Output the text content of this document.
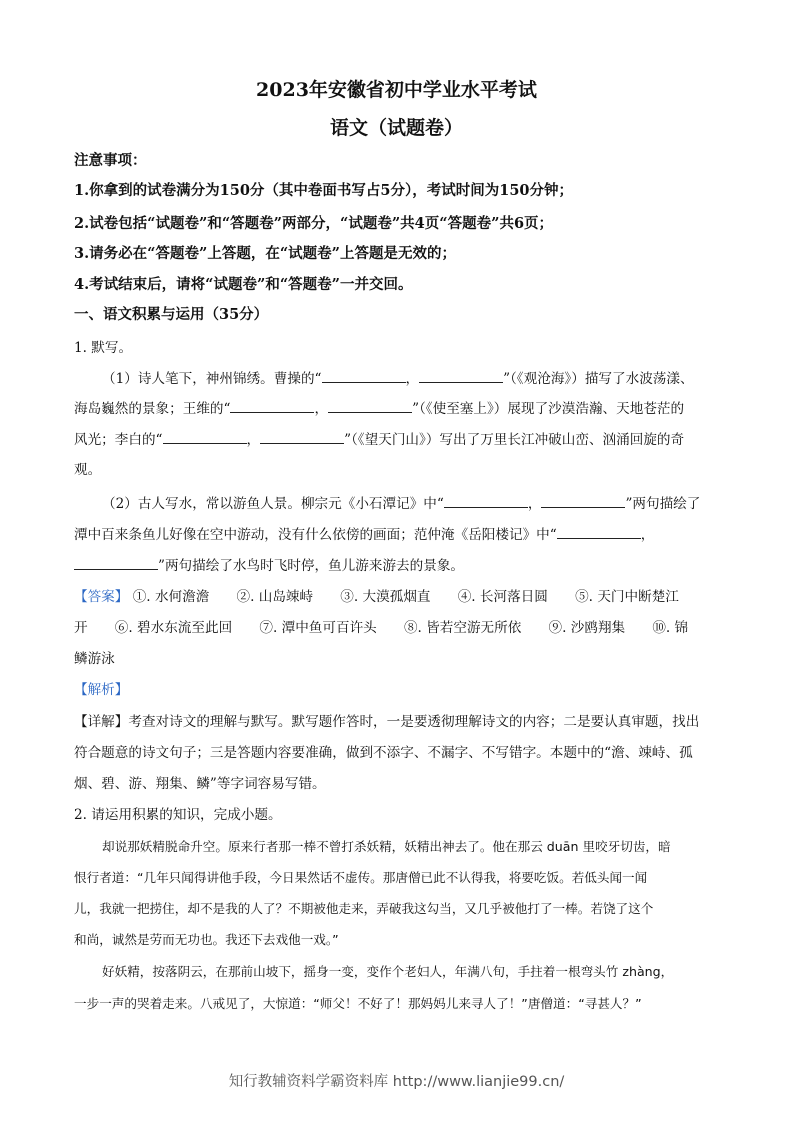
2023年安徽省初中学业水平考试
语文（试题卷）
注意事项：
1.你拿到的试卷满分为150分（其中卷面书写占5分），考试时间为150分钟；
2.试卷包括“试题卷”和“答题卷”两部分，“试题卷”共4页“答题卷”共6页；
3.请务必在“答题卷”上答题，在“试题卷”上答题是无效的；
4.考试结束后，请将“试题卷”和“答题卷”一并交回。
一、语文积累与运用（35分）
1. 默写。
（1）诗人笔下，神州锦绣。曹操的“	，	”（《观沧海》）描写了水波荡漾、
海岛巍然的景象；王维的“	，	”（《使至塞上》）展现了沙漠浩瀚、天地苍茫的
风光；李白的“	，	”（《望天门山》）写出了万里长江冲破山峦、汹涌回旋的奇
观。
（2）古人写水，常以游鱼人景。柳宗元《小石潭记》中“	，	”两句描绘了
潭中百来条鱼儿好像在空中游动，没有什么依傍的画面；范仲淹《岳阳楼记》中“	，
”两句描绘了水鸟时飞时停，鱼儿游来游去的景象。
【答案】 ①. 水何澹澹　　②. 山岛竦峙　　③. 大漠孤烟直　　④. 长河落日圆　　⑤. 天门中断楚江
开　　⑥. 碧水东流至此回　　⑦. 潭中鱼可百许头　　⑧. 皆若空游无所依　　⑨. 沙鸥翔集　　⑩. 锦
鳞游泳
【解析】
【详解】考查对诗文的理解与默写。默写题作答时，一是要透彻理解诗文的内容；二是要认真审题，找出
符合题意的诗文句子；三是答题内容要准确，做到不添字、不漏字、不写错字。本题中的“澹、竦峙、孤
烟、碧、游、翔集、鳞”等字词容易写错。
2. 请运用积累的知识，完成小题。
却说那妖精脱命升空。原来行者那一棒不曾打杀妖精，妖精出神去了。他在那云 duān 里咬牙切齿，暗
恨行者道：“几年只闻得讲他手段，今日果然话不虚传。那唐僧已此不认得我，将要吃饭。若低头闻一闻
儿，我就一把捞住，却不是我的人了？不期被他走来，弄破我这勾当，又几乎被他打了一棒。若饶了这个
和尚，诚然是劳而无功也。我还下去戏他一戏。”
好妖精，按落阴云，在那前山坡下，摇身一变，变作个老妇人，年满八旬，手拄着一根弯头竹 zhàng，
一步一声的哭着走来。八戒见了，大惊道：“师父！不好了！那妈妈儿来寻人了！”唐僧道：“寻甚人？”
知行教辅资料学霸资料库 http://www.lianjie99.cn/
